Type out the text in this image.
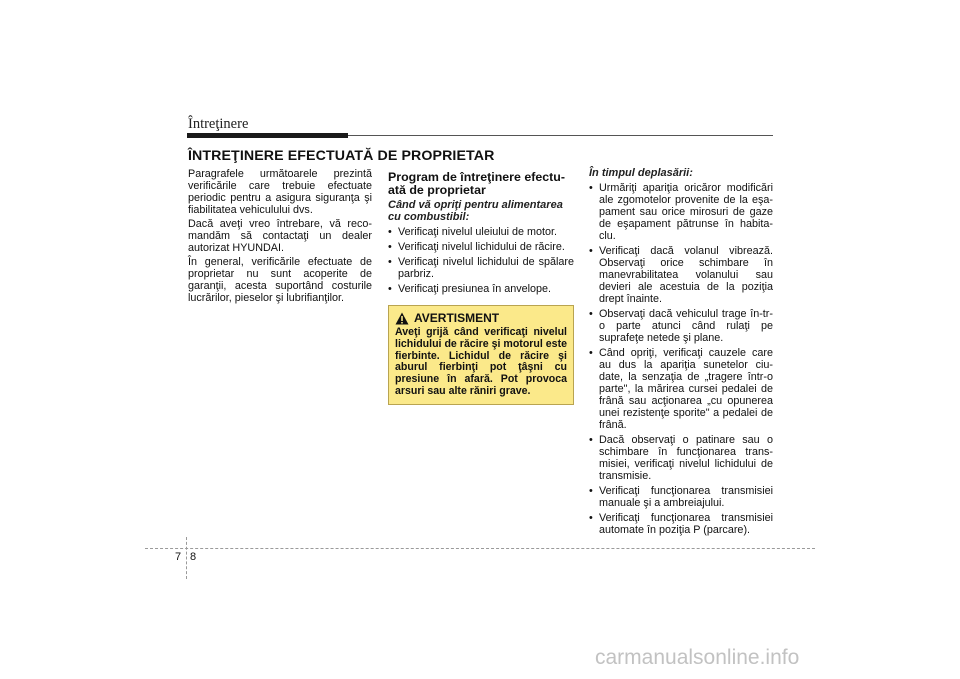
Întreţinere
ÎNTREŢINERE EFECTUATĂ DE PROPRIETAR

Paragrafele următoarele prezintă verificările care trebuie efectuate periodic pentru a asigura siguranţa şi fiabilitatea vehiculului dvs.

Dacă aveţi vreo întrebare, vă reco-mandăm să contactaţi un dealer autorizat HYUNDAI.

În general, verificările efectuate de proprietar nu sunt acoperite de garanţii, acesta suportând costurile lucrărilor, pieselor şi lubrifianţilor.

Program de întreţinere efectu-ată de proprietar
Când vă opriţi pentru alimentarea cu combustibil:
• Verificaţi nivelul uleiului de motor.
• Verificaţi nivelul lichidului de răcire.
• Verificaţi nivelul lichidului de spălare parbriz.
• Verificaţi presiunea în anvelope.
AVERTISMENT
Aveţi grijă când verificaţi nivelul lichidului de răcire şi motorul este fierbinte. Lichidul de răcire şi aburul fierbinţi pot ţâşni cu presiune în afară. Pot provoca arsuri sau alte răniri grave.
În timpul deplasării:
• Urmăriţi apariţia oricăror modificări ale zgomotelor provenite de la eşa-pament sau orice mirosuri de gaze de eşapament pătrunse în habita-clu.
• Verificaţi dacă volanul vibrează. Observaţi orice schimbare în manevrabilitatea volanului sau devieri ale acestuia de la poziţia drept înainte.
• Observaţi dacă vehiculul trage în-tr-o parte atunci când rulaţi pe suprafeţe netede şi plane.
• Când opriţi, verificaţi cauzele care au dus la apariţia sunetelor ciu-date, la senzaţia de „tragere într-o parte", la mărirea cursei pedalei de frână sau acţionarea „cu opunerea unei rezistenţe sporite" a pedalei de frână.
• Dacă observaţi o patinare sau o schimbare în funcţionarea trans-misiei, verificaţi nivelul lichidului de transmisie.
• Verificaţi funcţionarea transmisiei manuale şi a ambreiajului.
• Verificaţi funcţionarea transmisiei automate în poziţia P (parcare).
7 8
carmanualsonline.info
